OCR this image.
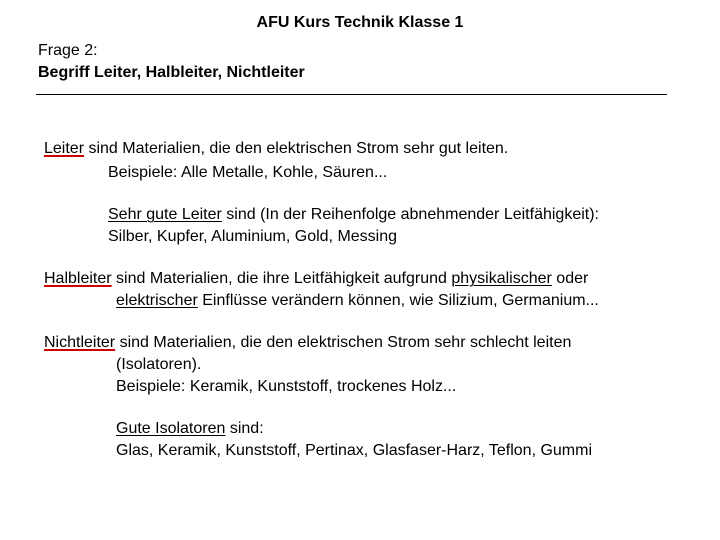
AFU Kurs Technik Klasse 1
Frage 2:
Begriff Leiter, Halbleiter, Nichtleiter
Leiter sind Materialien, die den elektrischen Strom sehr gut leiten.
Beispiele: Alle Metalle, Kohle, Säuren...
Sehr gute Leiter sind (In der Reihenfolge abnehmender Leitfähigkeit):
Silber, Kupfer, Aluminium, Gold, Messing
Halbleiter sind Materialien, die ihre Leitfähigkeit aufgrund physikalischer oder
elektrischer Einflüsse verändern können, wie Silizium, Germanium...
Nichtleiter sind Materialien, die den elektrischen Strom sehr schlecht leiten
(Isolatoren).
Beispiele: Keramik, Kunststoff, trockenes Holz...
Gute Isolatoren sind:
Glas, Keramik, Kunststoff, Pertinax, Glasfaser-Harz, Teflon, Gummi
